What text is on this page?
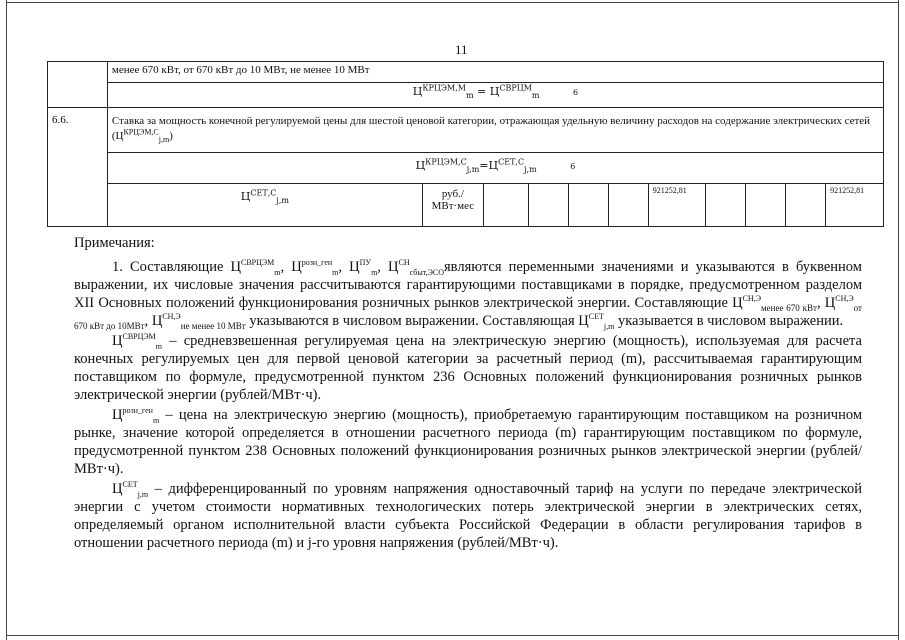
11
	менее 670 кВт, от 670 кВт до 10 МВт, не менее 10 МВт										
	$Ц^{КРЦЭМ,М}_m = Ц^{СВРЦМ}_m$ 6										
6.6.	Ставка за мощность конечной регулируемой цены для шестой ценовой категории, отражающая удельную величину расходов на содержание электрических сетей $(Ц^{КРЦЭМ,С}_{j,m})$										
	$Ц^{КРЦЭМ,С}_{j,m}=Ц^{СЕТ,С}_{j,m}$ 6										
	$Ц^{СЕТ,С}_{j,m}$	руб./
МВт·мес					921252,81				921252,81
Примечания:

1. Составляющие $Ц^{СВРЦЭМ}_m$, $Ц^{розн\_ген}_m$, $Ц^{ПУ}_m$, $Ц^{СН}_{сбыт,ЭСО}являются$ переменными значениями и указываются в буквенном выражении, их числовые значения рассчитываются гарантирующими поставщиками в порядке, предусмотренном разделом XII Основных положений функционирования розничных рынков электрической энергии. Составляющие $Ц^{СН,Э}_{менее 670 кВт}$, $Ц^{СН,Э}_{от 670 кВт до 10МВт}$, $Ц^{СН,Э}_{не менее 10 МВт}$ указываются в числовом выражении. Составляющая $Ц^{СЕТ}_{j,m}$ указывается в числовом выражении.

$Ц^{СВРЦЭМ}_m$ – средневзвешенная регулируемая цена на электрическую энергию (мощность), используемая для расчета конечных регулируемых цен для первой ценовой категории за расчетный период (m), рассчитываемая гарантирующим поставщиком по формуле, предусмотренной пунктом 236 Основных положений функционирования розничных рынков электрической энергии (рублей/МВт·ч).

$Ц^{розн\_ген}_m$ – цена на электрическую энергию (мощность), приобретаемую гарантирующим поставщиком на розничном рынке, значение которой определяется в отношении расчетного периода (m) гарантирующим поставщиком по формуле, предусмотренной пунктом 238 Основных положений функционирования розничных рынков электрической энергии (рублей/МВт·ч).

$Ц^{СЕТ}_{j,m}$ – дифференцированный по уровням напряжения одноставочный тариф на услуги по передаче электрической энергии с учетом стоимости нормативных технологических потерь электрической энергии в электрических сетях, определяемый органом исполнительной власти субъекта Российской Федерации в области регулирования тарифов в отношении расчетного периода (m) и j-го уровня напряжения (рублей/МВт·ч).
